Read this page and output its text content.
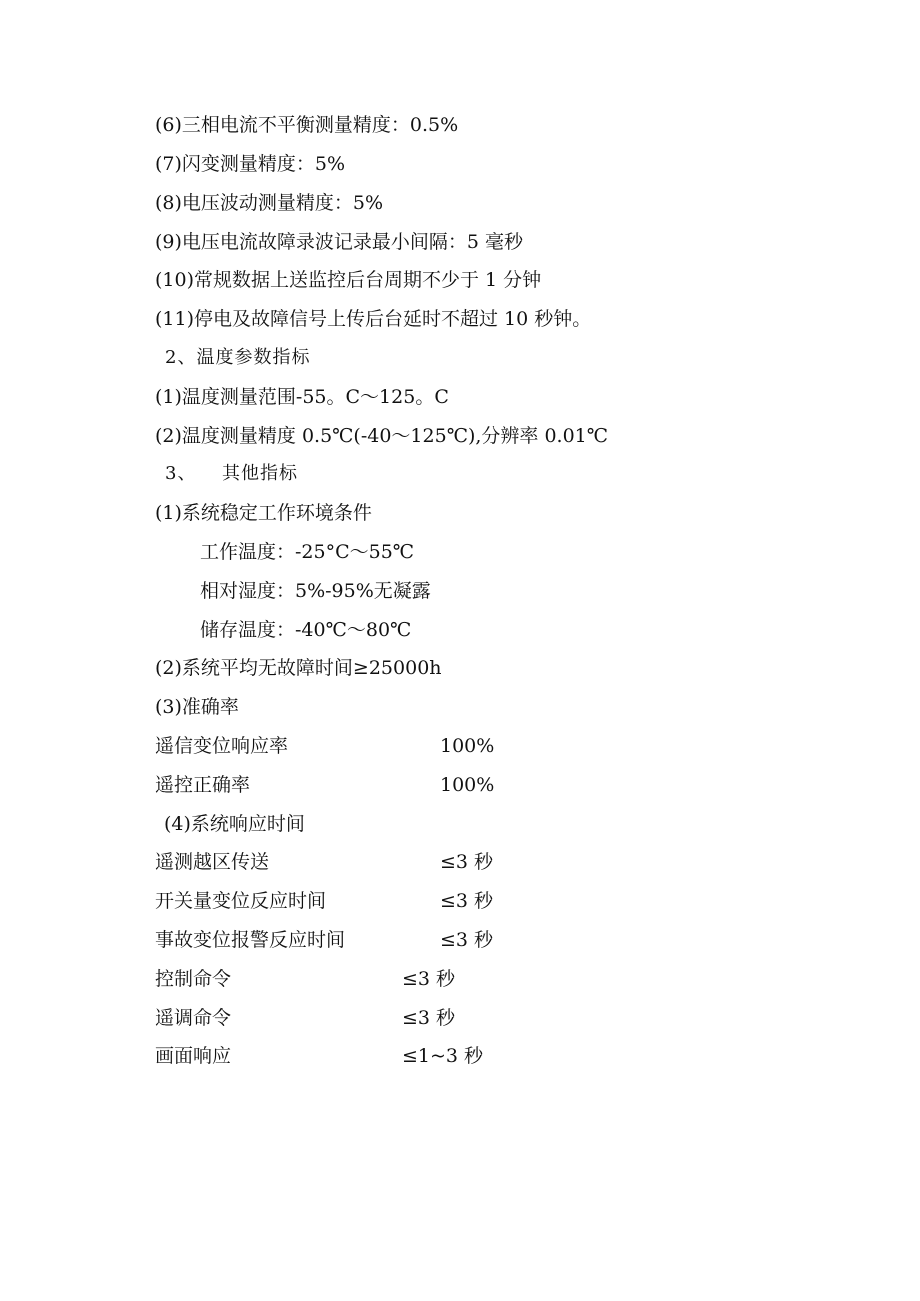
(6)三相电流不平衡测量精度：0.5%
(7)闪变测量精度：5%
(8)电压波动测量精度：5%
(9)电压电流故障录波记录最小间隔：5 毫秒
(10)常规数据上送监控后台周期不少于 1 分钟
(11)停电及故障信号上传后台延时不超过 10 秒钟。
2、温度参数指标
(1)温度测量范围-55。C～125。C
(2)温度测量精度 0.5℃(-40～125℃),分辨率 0.01℃
3、 其他指标
(1)系统稳定工作环境条件
工作温度：-25°C～55℃
相对湿度：5%-95%无凝露
储存温度：-40℃～80℃
(2)系统平均无故障时间≥25000h
(3)准确率
遥信变位响应率	100%
遥控正确率	100%
(4)系统响应时间
遥测越区传送	≤3 秒
开关量变位反应时间	≤3 秒
事故变位报警反应时间	≤3 秒
控制命令	≤3 秒
遥调命令	≤3 秒
画面响应	≤1~3 秒
